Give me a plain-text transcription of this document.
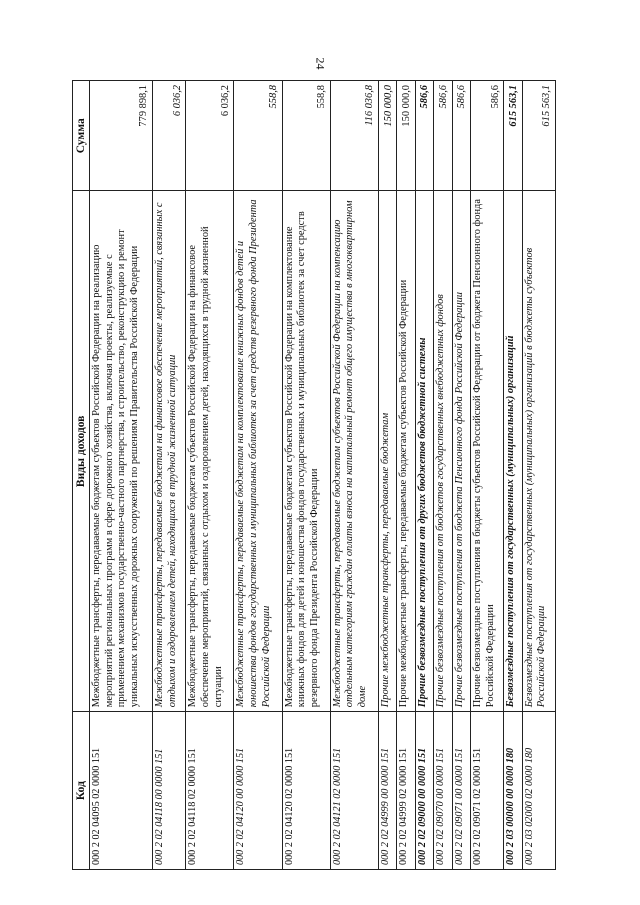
24
Код	Виды доходов	Сумма
000 2 02 04095 02 0000 151	Межбюджетные трансферты, передаваемые бюджетам субъектов Российской Федерации на реализацию мероприятий региональных программ в сфере дорожного хозяйства, включая проекты, реализуемые с применением механизмов государственно-частного партнерства, и строительство, реконструкцию и ремонт уникальных искусственных дорожных сооружений по решениям Правительства Российской Федерации	779 898,1
000 2 02 04118 00 0000 151	Межбюджетные трансферты, передаваемые бюджетам на финансовое обеспечение мероприятий, связанных с отдыхом и оздоровлением детей, находящихся в трудной жизненной ситуации	6 036,2
000 2 02 04118 02 0000 151	Межбюджетные трансферты, передаваемые бюджетам субъектов Российской Федерации на финансовое обеспечение мероприятий, связанных с отдыхом и оздоровлением детей, находящихся в трудной жизненной ситуации	6 036,2
000 2 02 04120 00 0000 151	Межбюджетные трансферты, передаваемые бюджетам на комплектование книжных фондов детей и юношества фондов государственных и муниципальных библиотек за счет средств резервного фонда Президента Российской Федерации	558,8
000 2 02 04120 02 0000 151	Межбюджетные трансферты, передаваемые бюджетам субъектов Российской Федерации на комплектование книжных фондов для детей и юношества фондов государственных и муниципальных библиотек за счет средств резервного фонда Президента Российской Федерации	558,8
000 2 02 04121 02 0000 151	Межбюджетные трансферты, передаваемые бюджетам субъектов Российской Федерации на компенсацию отдельным категориям граждан оплаты взноса на капитальный ремонт общего имущества в многоквартирном доме	116 036,8
000 2 02 04999 00 0000 151	Прочие межбюджетные трансферты, передаваемые бюджетам	150 000,0
000 2 02 04999 02 0000 151	Прочие межбюджетные трансферты, передаваемые бюджетам субъектов Российской Федерации	150 000,0
000 2 02 09000 00 0000 151	Прочие безвозмездные поступления от других бюджетов бюджетной системы	586,6
000 2 02 09070 00 0000 151	Прочие безвозмездные поступления от бюджетов государственных внебюджетных фондов	586,6
000 2 02 09071 00 0000 151	Прочие безвозмездные поступления от бюджета Пенсионного фонда Российской Федерации	586,6
000 2 02 09071 02 0000 151	Прочие безвозмездные поступления в бюджеты субъектов Российской Федерации от бюджета Пенсионного фонда Российской Федерации	586,6
000 2 03 00000 00 0000 180	Безвозмездные поступления от государственных (муниципальных) организаций	615 563,1
000 2 03 02000 02 0000 180	Безвозмездные поступления от государственных (муниципальных) организаций в бюджеты субъектов Российской Федерации	615 563,1
